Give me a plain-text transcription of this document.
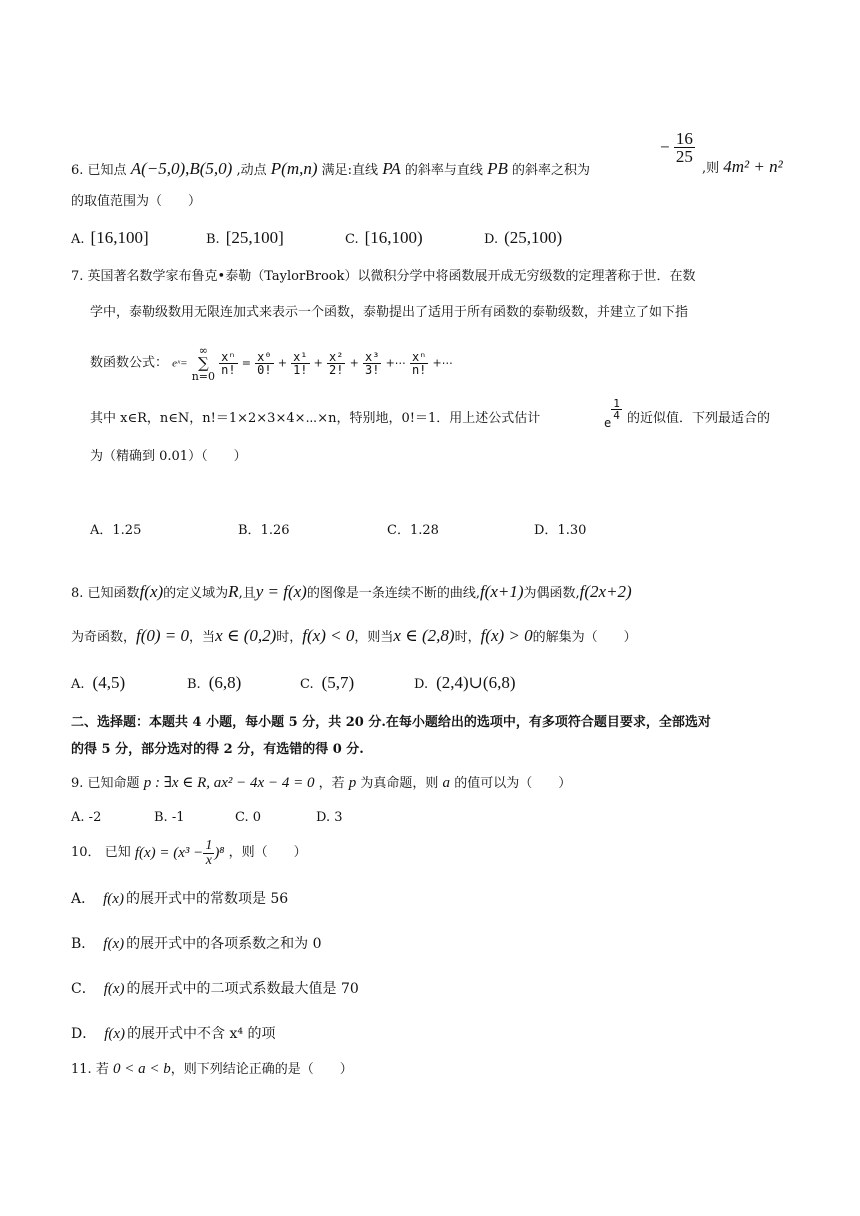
6. 已知点 A(−5,0),B(5,0) ,动点 P(m,n) 满足:直线 PA 的斜率与直线 PB 的斜率之积为
− $\frac{16}{25}$
,则 4m² + n²
的取值范围为（　　）
A. [16,100]	B. [25,100]	C. [16,100)	D. (25,100)
7. 英国著名数学家布鲁克•泰勒（TaylorBrook）以微积分学中将函数展开成无穷级数的定理著称于世．在数
学中，泰勒级数用无限连加式来表示一个函数，泰勒提出了适用于所有函数的泰勒级数，并建立了如下指
数函数公式： eˣ=
∞
∑
n=0

$\frac{\text{xⁿ}}{n!} = \frac{\text{x⁰}}{0!} + \frac{\text{x¹}}{1!} + \frac{\text{x²}}{2!} + \frac{\text{x³}}{3!}$ +⋯ $\frac{\text{xⁿ}}{n!}$ +⋯
其中 x∈R，n∈N，n!＝1×2×3×4×⋯×n，特别地，0!＝1．用上述公式估计	e
$\frac{1}{4}$ 的近似值．下列最适合的
为（精确到 0.01）（　　）
A．1.25	B．1.26	C．1.28	D．1.30
8. 已知函数f(x)的定义域为R,且y = f(x)的图像是一条连续不断的曲线,f(x+1)为偶函数,f(2x+2)
为奇函数，f(0) = 0，当x ∈ (0,2)时，f(x) < 0，则当x ∈ (2,8)时，f(x) > 0的解集为（　　）
A. (4,5)	B. (6,8)	C. (5,7)	D. (2,4)∪(6,8)
二、选择题：本题共 4 小题，每小题 5 分，共 20 分.在每小题给出的选项中，有多项符合题目要求，全部选对
的得 5 分，部分选对的得 2 分，有选错的得 0 分.
9. 已知命题 p : ∃x ∈ R, ax² − 4x − 4 = 0 ，若 p 为真命题，则 a 的值可以为（　　）
A. -2	B. -1	C. 0	D. 3
10． 已知 $f(x) = (x^3 - \frac{1}{x} )^8$ ，则（　　）
A． f(x) 的展开式中的常数项是 56
B． f(x) 的展开式中的各项系数之和为 0
C． f(x) 的展开式中的二项式系数最大值是 70
D． f(x) 的展开式中不含 x⁴ 的项
11. 若 0 < a < b，则下列结论正确的是（　　）
